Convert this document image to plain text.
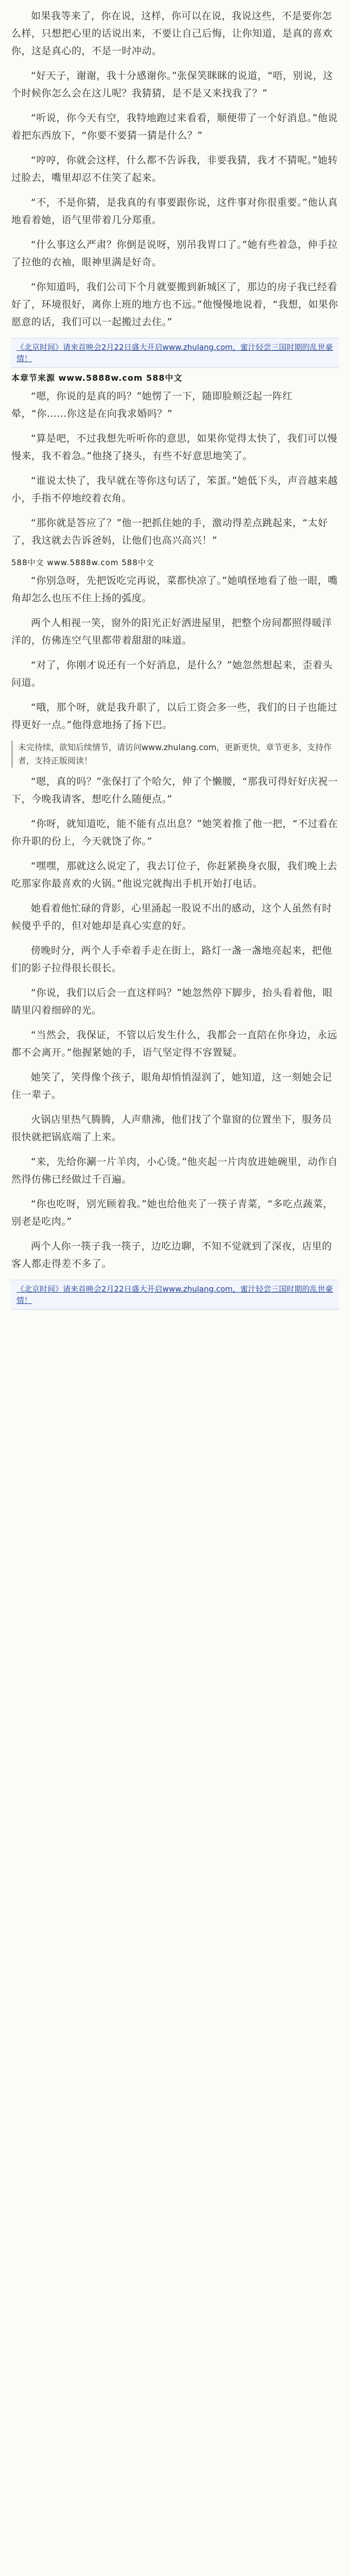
如果我等来了，你在说，这样，你可以在说，我说这些，不是要你怎么样，只想把心里的话说出来，不要让自己后悔，让你知道，是真的喜欢你，这是真心的，不是一时冲动。

“好天子，谢谢，我十分感谢你。”张保笑眯眯的说道，“唔，别说，这个时候你怎么会在这儿呢？我猜猜，是不是又来找我了？”

“听说，你今天有空，我特地跑过来看看，顺便带了一个好消息。”他说着把东西放下，“你要不要猜一猜是什么？”

“哼哼，你就会这样，什么都不告诉我，非要我猜，我才不猜呢。”她转过脸去，嘴里却忍不住笑了起来。

“不，不是你猜，是我真的有事要跟你说，这件事对你很重要。”他认真地看着她，语气里带着几分郑重。

“什么事这么严肃？你倒是说呀，别吊我胃口了。”她有些着急，伸手拉了拉他的衣袖，眼神里满是好奇。

“你知道吗，我们公司下个月就要搬到新城区了，那边的房子我已经看好了，环境很好，离你上班的地方也不远。”他慢慢地说着，“我想，如果你愿意的话，我们可以一起搬过去住。”

《北京时间》请来首映会2月22日盛大开启www.zhulang.com，蜜汁轻尝三国时期的乱世豪情！
本章节来源 www.5888w.com 588中文

“嗯，你说的是真的吗？”她愣了一下，随即脸颊泛起一阵红晕，“你……你这是在向我求婚吗？”

“算是吧，不过我想先听听你的意思，如果你觉得太快了，我们可以慢慢来，我不着急。”他挠了挠头，有些不好意思地笑了。

“谁说太快了，我早就在等你这句话了，笨蛋。”她低下头，声音越来越小，手指不停地绞着衣角。

“那你就是答应了？”他一把抓住她的手，激动得差点跳起来，“太好了，我这就去告诉爸妈，让他们也高兴高兴！”

588中文 www.5888w.com 588中文

“你别急呀，先把饭吃完再说，菜都快凉了。”她嗔怪地看了他一眼，嘴角却怎么也压不住上扬的弧度。

两个人相视一笑，窗外的阳光正好洒进屋里，把整个房间都照得暖洋洋的，仿佛连空气里都带着甜甜的味道。

“对了，你刚才说还有一个好消息，是什么？”她忽然想起来，歪着头问道。

“哦，那个呀，就是我升职了，以后工资会多一些，我们的日子也能过得更好一点。”他得意地扬了扬下巴。

未完待续，欲知后续情节，请访问www.zhulang.com，更新更快，章节更多，支持作者，支持正版阅读！

“嗯，真的吗？”张保打了个哈欠，伸了个懒腰，“那我可得好好庆祝一下，今晚我请客，想吃什么随便点。”

“你呀，就知道吃，能不能有点出息？”她笑着推了他一把，“不过看在你升职的份上，今天就饶了你。”

“嘿嘿，那就这么说定了，我去订位子，你赶紧换身衣服，我们晚上去吃那家你最喜欢的火锅。”他说完就掏出手机开始打电话。

她看着他忙碌的背影，心里涌起一股说不出的感动，这个人虽然有时候傻乎乎的，但对她却是真心实意的好。

傍晚时分，两个人手牵着手走在街上，路灯一盏一盏地亮起来，把他们的影子拉得很长很长。

“你说，我们以后会一直这样吗？”她忽然停下脚步，抬头看着他，眼睛里闪着细碎的光。

“当然会，我保证，不管以后发生什么，我都会一直陪在你身边，永远都不会离开。”他握紧她的手，语气坚定得不容置疑。

她笑了，笑得像个孩子，眼角却悄悄湿润了，她知道，这一刻她会记住一辈子。

火锅店里热气腾腾，人声鼎沸，他们找了个靠窗的位置坐下，服务员很快就把锅底端了上来。

“来，先给你涮一片羊肉，小心烫。”他夹起一片肉放进她碗里，动作自然得仿佛已经做过千百遍。

“你也吃呀，别光顾着我。”她也给他夹了一筷子青菜，“多吃点蔬菜，别老是吃肉。”

两个人你一筷子我一筷子，边吃边聊，不知不觉就到了深夜，店里的客人都走得差不多了。

《北京时间》请来首映会2月22日盛大开启www.zhulang.com，蜜汁轻尝三国时期的乱世豪情！
